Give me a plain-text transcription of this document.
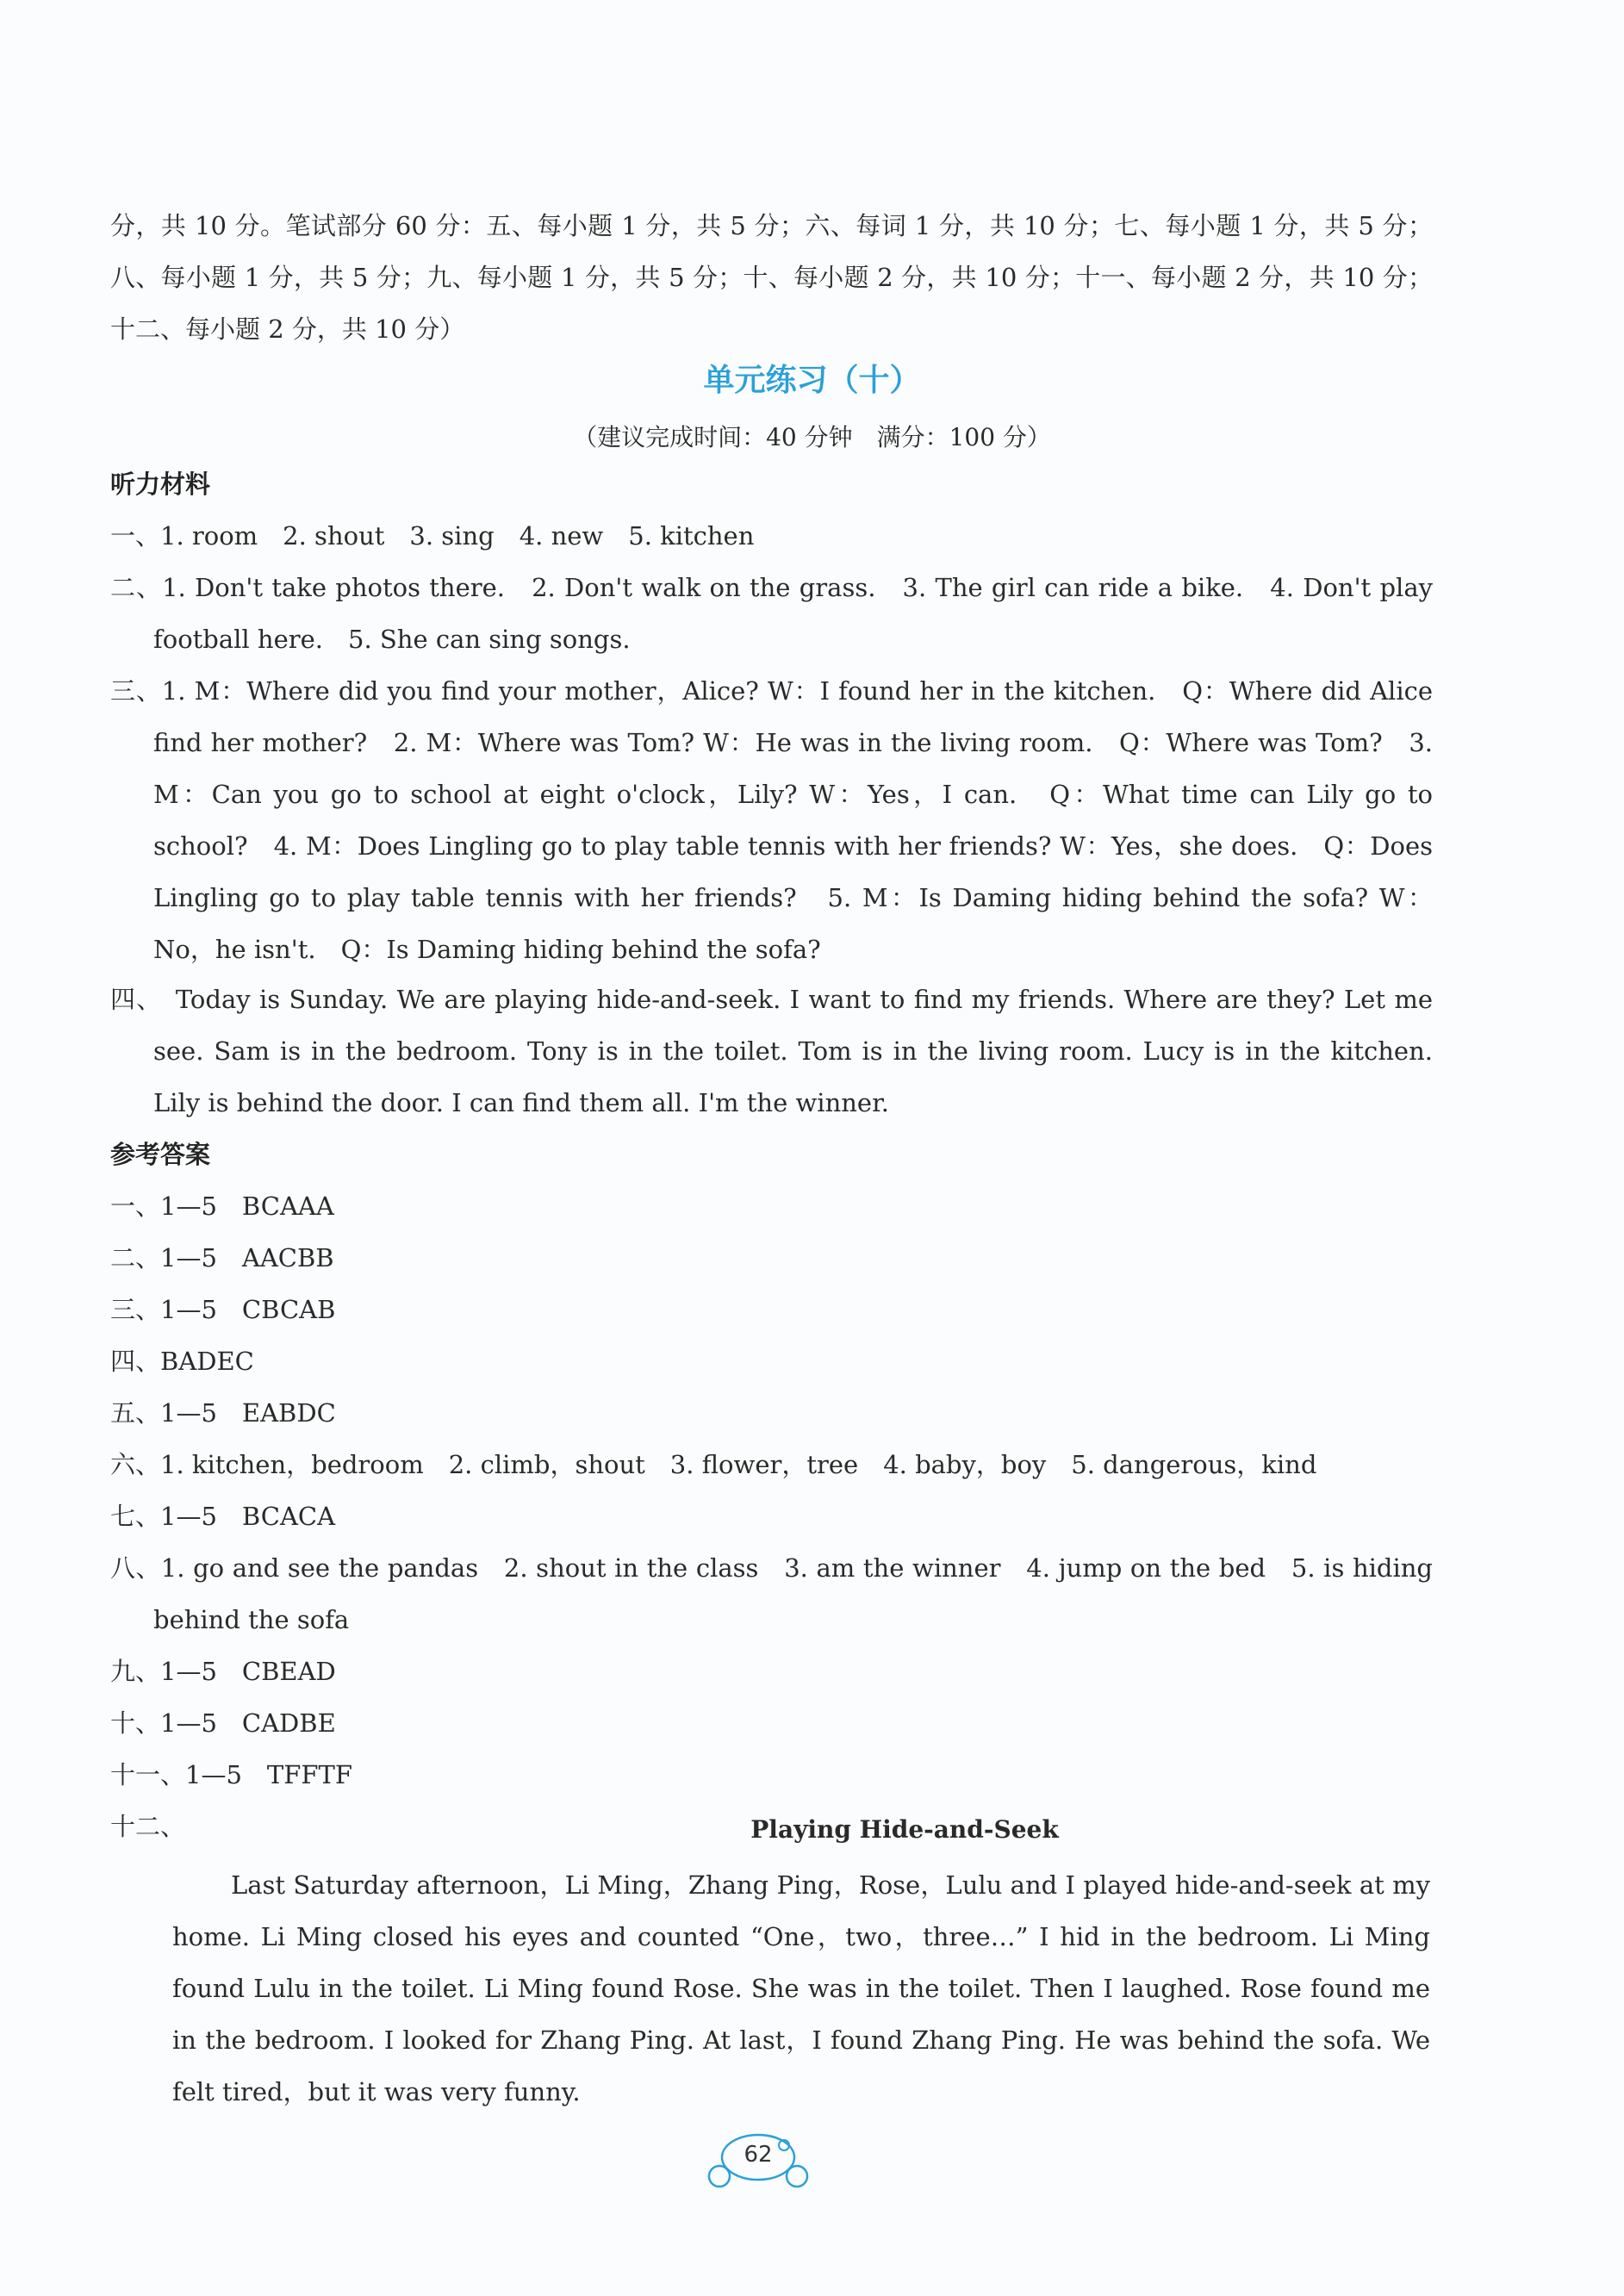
分，共 10 分。笔试部分 60 分：五、每小题 1 分，共 5 分；六、每词 1 分，共 10 分；七、每小题 1 分，共 5 分；八、每小题 1 分，共 5 分；九、每小题 1 分，共 5 分；十、每小题 2 分，共 10 分；十一、每小题 2 分，共 10 分；十二、每小题 2 分，共 10 分）
单元练习（十）
（建议完成时间：40 分钟　满分：100 分）
听力材料
一、1. room　2. shout　3. sing　4. new　5. kitchen
二、1. Don't take photos there.　2. Don't walk on the grass.　3. The girl can ride a bike.　4. Don't play football here.　5. She can sing songs.
三、1. M：Where did you find your mother，Alice? W：I found her in the kitchen.　Q：Where did Alice find her mother?　2. M：Where was Tom? W：He was in the living room.　Q：Where was Tom?　3. M：Can you go to school at eight o'clock，Lily? W：Yes，I can.　Q：What time can Lily go to school?　4. M：Does Lingling go to play table tennis with her friends? W：Yes，she does.　Q：Does Lingling go to play table tennis with her friends?　5. M：Is Daming hiding behind the sofa? W：No，he isn't.　Q：Is Daming hiding behind the sofa?
四、　Today is Sunday. We are playing hide-and-seek. I want to find my friends. Where are they? Let me see. Sam is in the bedroom. Tony is in the toilet. Tom is in the living room. Lucy is in the kitchen. Lily is behind the door. I can find them all. I'm the winner.
参考答案
一、1—5　BCAAA
二、1—5　AACBB
三、1—5　CBCAB
四、BADEC
五、1—5　EABDC
六、1. kitchen，bedroom　2. climb，shout　3. flower，tree　4. baby，boy　5. dangerous，kind
七、1—5　BCACA
八、1. go and see the pandas　2. shout in the class　3. am the winner　4. jump on the bed　5. is hiding behind the sofa
九、1—5　CBEAD
十、1—5　CADBE
十一、1—5　TFFTF
十二、	Playing Hide-and-Seek
Last Saturday afternoon，Li Ming，Zhang Ping，Rose，Lulu and I played hide-and-seek at my home. Li Ming closed his eyes and counted “One，two，three…” I hid in the bedroom. Li Ming found Lulu in the toilet. Li Ming found Rose. She was in the toilet. Then I laughed. Rose found me in the bedroom. I looked for Zhang Ping. At last，I found Zhang Ping. He was behind the sofa. We felt tired，but it was very funny.
62
